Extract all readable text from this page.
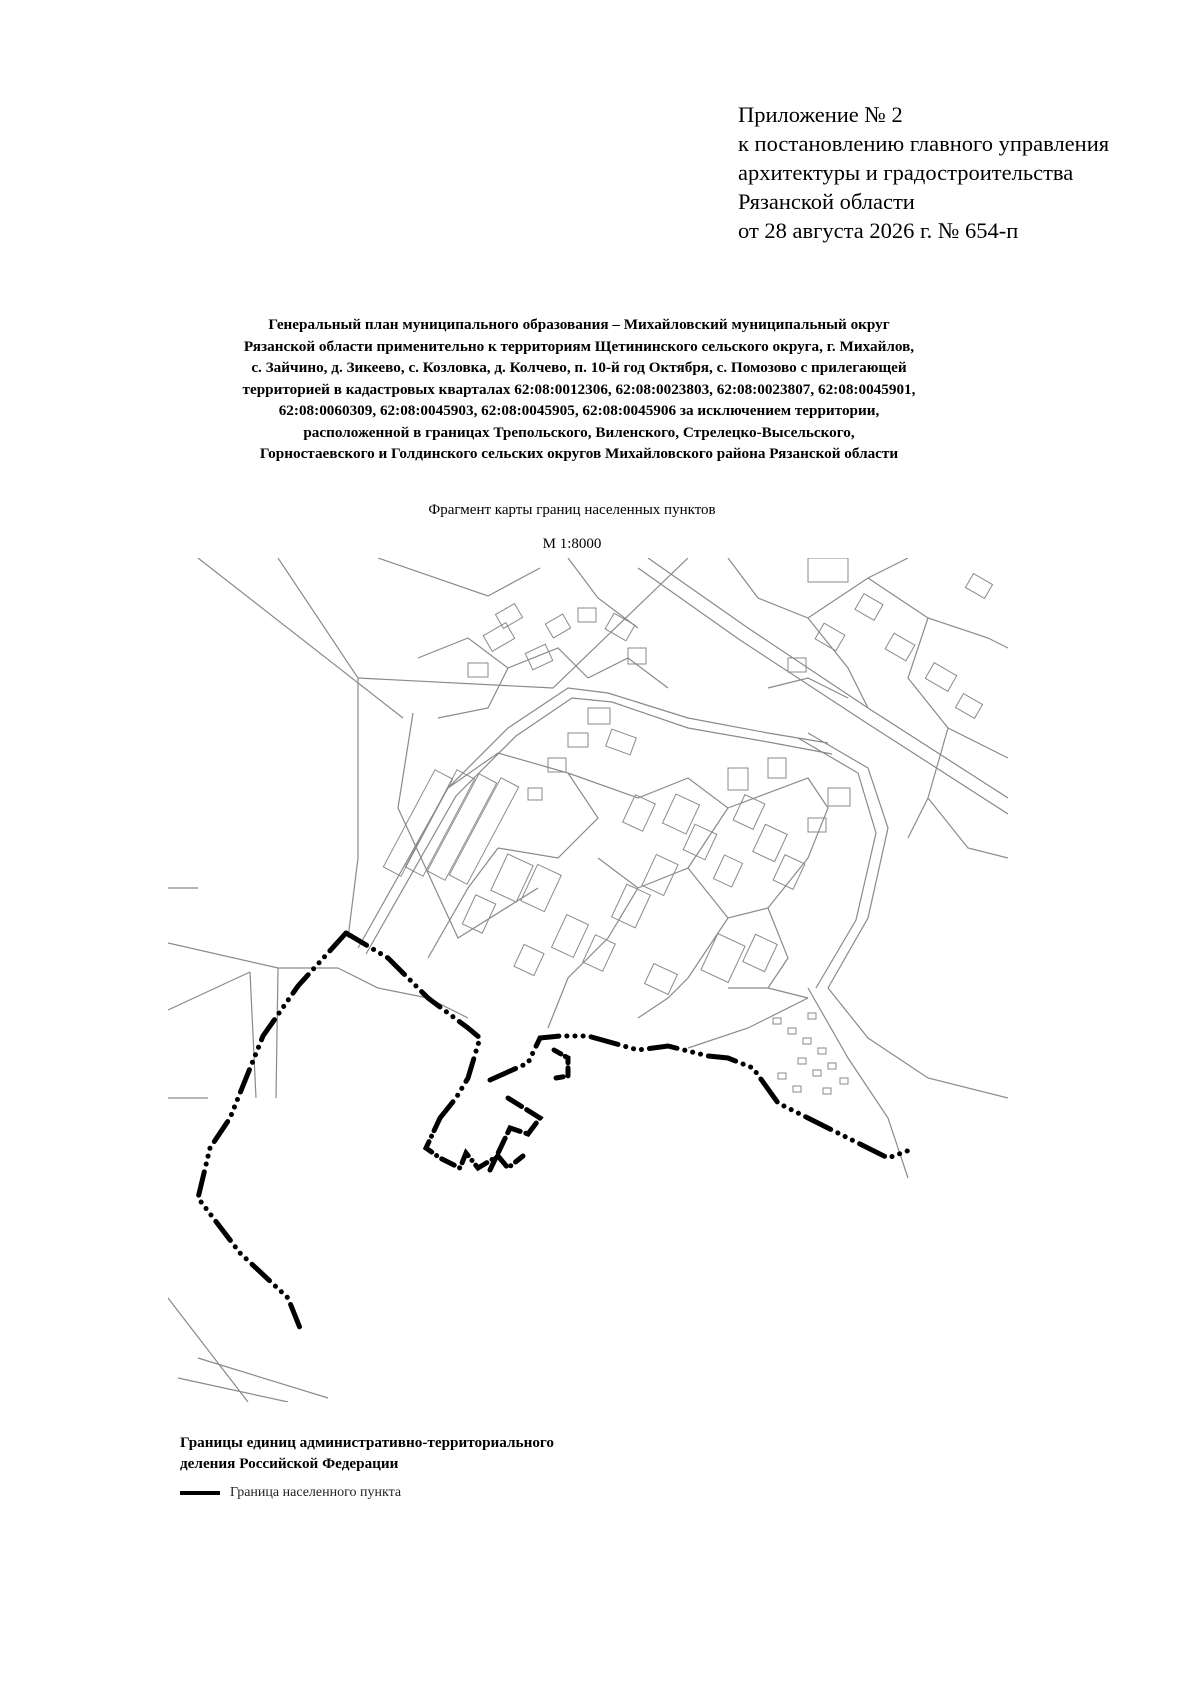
Приложение № 2
к постановлению главного управления
архитектуры и градостроительства
Рязанской области
от 28 августа 2026 г. № 654-п
Генеральный план муниципального образования – Михайловский муниципальный округ
Рязанской области применительно к территориям Щетининского сельского округа, г. Михайлов,
с. Зайчино, д. Зикеево, с. Козловка, д. Колчево, п. 10-й год Октября, с. Помозово с прилегающей
территорией в кадастровых кварталах 62:08:0012306, 62:08:0023803, 62:08:0023807, 62:08:0045901,
62:08:0060309, 62:08:0045903, 62:08:0045905, 62:08:0045906 за исключением территории,
расположенной в границах Трепольского, Виленского, Стрелецко-Высельского,
Горностаевского и Голдинского сельских округов Михайловского района Рязанской области
Фрагмент карты границ населенных пунктов
М 1:8000
Границы единиц административно-территориального
деления Российской Федерации
Граница населенного пункта
